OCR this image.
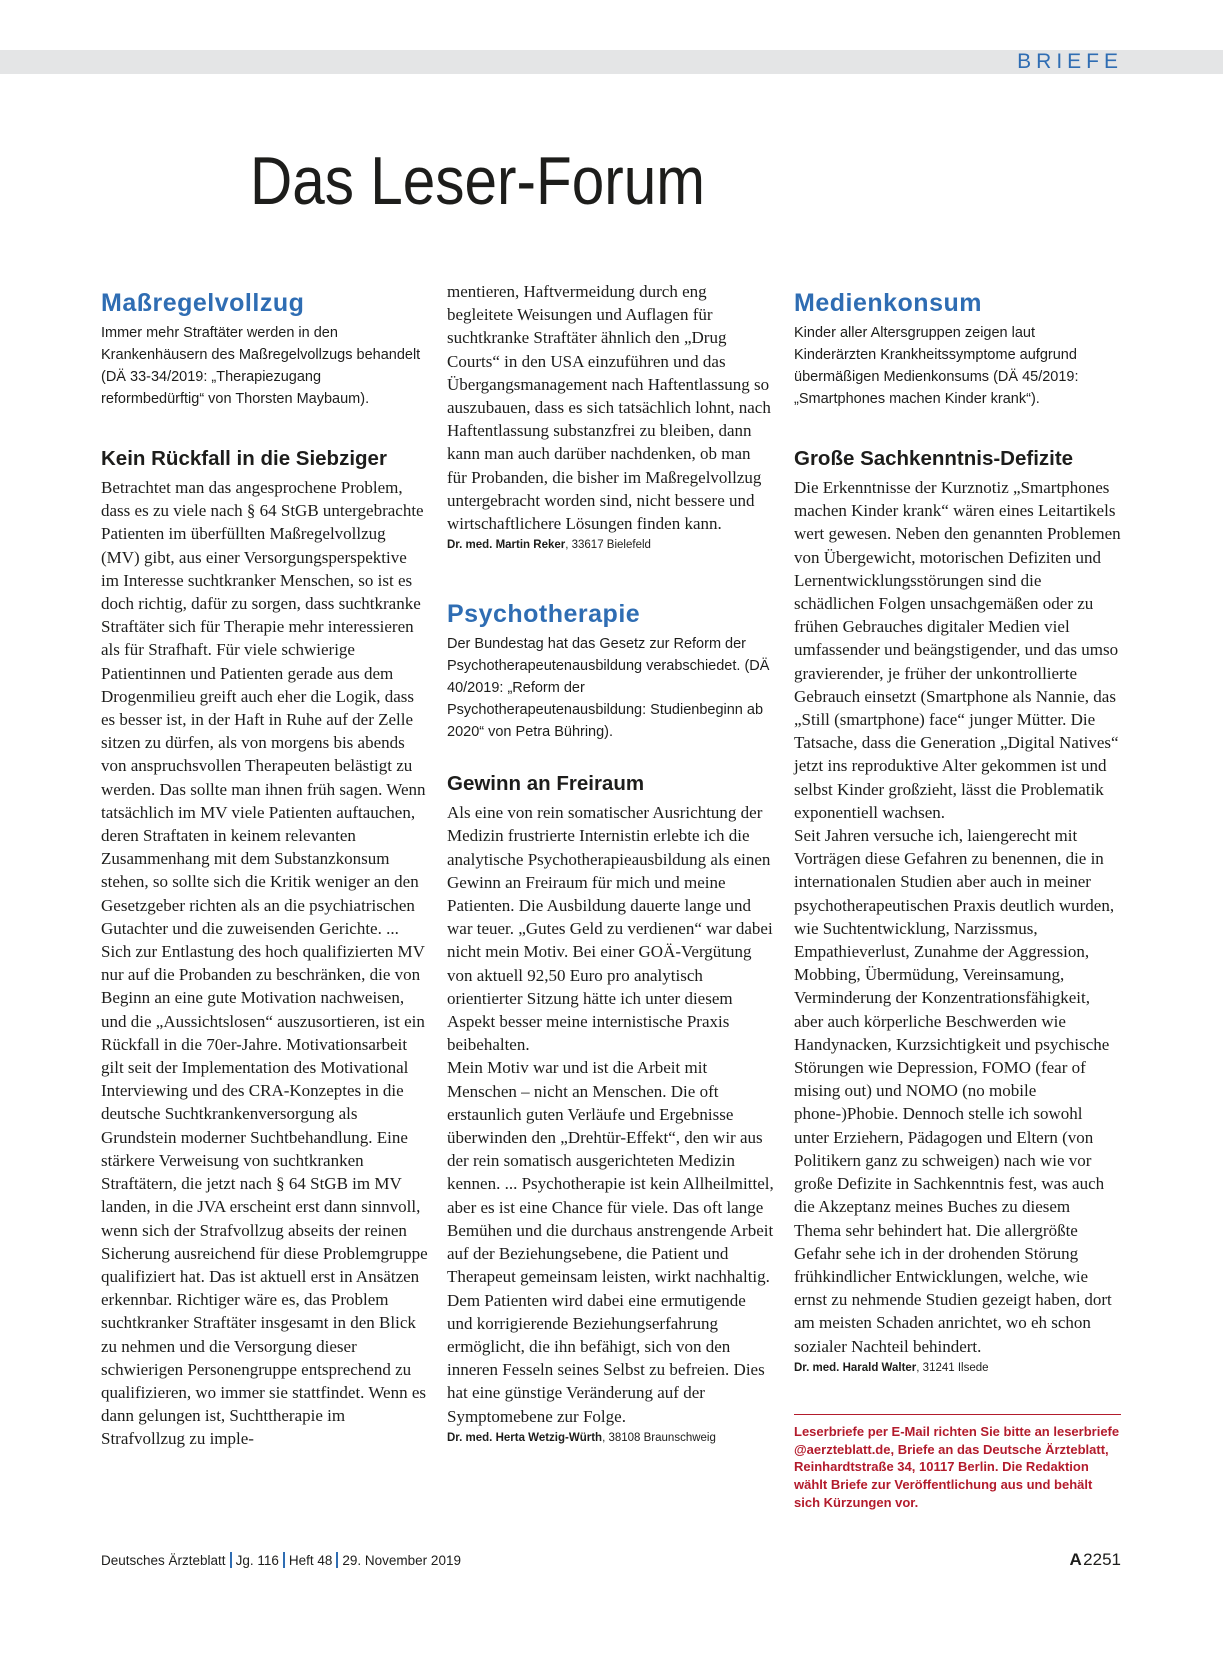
BRIEFE
Das Leser-Forum
Maßregelvollzug

Immer mehr Straftäter werden in den Krankenhäusern des Maßregelvollzugs behandelt (DÄ 33-34/2019: „Therapiezugang reformbedürftig“ von Thorsten Maybaum).

Kein Rückfall in die Siebziger

Betrachtet man das angesprochene Problem, dass es zu viele nach § 64 StGB untergebrachte Patienten im überfüllten Maßregelvollzug (MV) gibt, aus einer Versorgungsperspektive im Interesse suchtkranker Menschen, so ist es doch richtig, dafür zu sorgen, dass suchtkranke Straftäter sich für Therapie mehr interessieren als für Strafhaft. Für viele schwierige Patientinnen und Patienten gerade aus dem Drogenmilieu greift auch eher die Logik, dass es besser ist, in der Haft in Ruhe auf der Zelle sitzen zu dürfen, als von morgens bis abends von anspruchsvollen Therapeuten belästigt zu werden. Das sollte man ihnen früh sagen. Wenn tatsächlich im MV viele Patienten auftauchen, deren Straftaten in keinem relevanten Zusammenhang mit dem Substanzkonsum stehen, so sollte sich die Kritik weniger an den Gesetzgeber richten als an die psychiatrischen Gutachter und die zuweisenden Gerichte. ... Sich zur Entlastung des hoch qualifizierten MV nur auf die Probanden zu beschränken, die von Beginn an eine gute Motivation nachweisen, und die „Aussichtslosen“ auszusortieren, ist ein Rückfall in die 70er-Jahre. Motivationsarbeit gilt seit der Implementation des Motivational Interviewing und des CRA-Konzeptes in die deutsche Suchtkrankenversorgung als Grundstein moderner Suchtbehandlung. Eine stärkere Verweisung von suchtkranken Straftätern, die jetzt nach § 64 StGB im MV landen, in die JVA erscheint erst dann sinnvoll, wenn sich der Strafvollzug abseits der reinen Sicherung ausreichend für diese Problemgruppe qualifiziert hat. Das ist aktuell erst in Ansätzen erkennbar. Richtiger wäre es, das Problem suchtkranker Straftäter insgesamt in den Blick zu nehmen und die Versorgung dieser schwierigen Personengruppe entsprechend zu qualifizieren, wo immer sie stattfindet. Wenn es dann gelungen ist, Suchttherapie im Strafvollzug zu imple-

mentieren, Haftvermeidung durch eng begleitete Weisungen und Auflagen für suchtkranke Straftäter ähnlich den „Drug Courts“ in den USA einzuführen und das Übergangsmanagement nach Haftentlassung so auszubauen, dass es sich tatsächlich lohnt, nach Haftentlassung substanzfrei zu bleiben, dann kann man auch darüber nachdenken, ob man für Probanden, die bisher im Maßregelvollzug untergebracht worden sind, nicht bessere und wirtschaftlichere Lösungen finden kann.

Dr. med. Martin Reker, 33617 Bielefeld

Psychotherapie

Der Bundestag hat das Gesetz zur Reform der Psychotherapeutenausbildung verabschiedet. (DÄ 40/2019: „Reform der Psychotherapeutenausbildung: Studienbeginn ab 2020“ von Petra Bühring).

Gewinn an Freiraum

Als eine von rein somatischer Ausrichtung der Medizin frustrierte Internistin erlebte ich die analytische Psychotherapieausbildung als einen Gewinn an Freiraum für mich und meine Patienten. Die Ausbildung dauerte lange und war teuer. „Gutes Geld zu verdienen“ war dabei nicht mein Motiv. Bei einer GOÄ-Vergütung von aktuell 92,50 Euro pro analytisch orientierter Sitzung hätte ich unter diesem Aspekt besser meine internistische Praxis beibehalten.

Mein Motiv war und ist die Arbeit mit Menschen – nicht an Menschen. Die oft erstaunlich guten Verläufe und Ergebnisse überwinden den „Drehtür-Effekt“, den wir aus der rein somatisch ausgerichteten Medizin kennen. ... Psychotherapie ist kein Allheilmittel, aber es ist eine Chance für viele. Das oft lange Bemühen und die durchaus anstrengende Arbeit auf der Beziehungsebene, die Patient und Therapeut gemeinsam leisten, wirkt nachhaltig. Dem Patienten wird dabei eine ermutigende und korrigierende Beziehungserfahrung ermöglicht, die ihn befähigt, sich von den inneren Fesseln seines Selbst zu befreien. Dies hat eine günstige Veränderung auf der Symptomebene zur Folge.

Dr. med. Herta Wetzig-Würth, 38108 Braunschweig

Medienkonsum

Kinder aller Altersgruppen zeigen laut Kinderärzten Krankheitssymptome aufgrund übermäßigen Medienkonsums (DÄ 45/2019: „Smartphones machen Kinder krank“).

Große Sachkenntnis-Defizite

Die Erkenntnisse der Kurznotiz „Smartphones machen Kinder krank“ wären eines Leitartikels wert gewesen. Neben den genannten Problemen von Übergewicht, motorischen Defiziten und Lernentwicklungsstörungen sind die schädlichen Folgen unsachgemäßen oder zu frühen Gebrauches digitaler Medien viel umfassender und beängstigender, und das umso gravierender, je früher der unkontrollierte Gebrauch einsetzt (Smartphone als Nannie, das „Still (smartphone) face“ junger Mütter. Die Tatsache, dass die Generation „Digital Natives“ jetzt ins reproduktive Alter gekommen ist und selbst Kinder großzieht, lässt die Problematik exponentiell wachsen.

Seit Jahren versuche ich, laiengerecht mit Vorträgen diese Gefahren zu benennen, die in internationalen Studien aber auch in meiner psychotherapeutischen Praxis deutlich wurden, wie Suchtentwicklung, Narzissmus, Empathieverlust, Zunahme der Aggression, Mobbing, Übermüdung, Vereinsamung, Verminderung der Konzentrationsfähigkeit, aber auch körperliche Beschwerden wie Handynacken, Kurzsichtigkeit und psychische Störungen wie Depression, FOMO (fear of mising out) und NOMO (no mobile phone-)Phobie. Dennoch stelle ich sowohl unter Erziehern, Pädagogen und Eltern (von Politikern ganz zu schweigen) nach wie vor große Defizite in Sachkenntnis fest, was auch die Akzeptanz meines Buches zu diesem Thema sehr behindert hat. Die allergrößte Gefahr sehe ich in der drohenden Störung frühkindlicher Entwicklungen, welche, wie ernst zu nehmende Studien gezeigt haben, dort am meisten Schaden anrichtet, wo eh schon sozialer Nachteil behindert.

Dr. med. Harald Walter, 31241 Ilsede

Leserbriefe per E-Mail richten Sie bitte an leserbriefe @aerzteblatt.de, Briefe an das Deutsche Ärzteblatt, Reinhardtstraße 34, 10117 Berlin. Die Redaktion wählt Briefe zur Veröffentlichung aus und behält sich Kürzungen vor.
Deutsches Ärzteblatt Jg. 116 Heft 48 29. November 2019	A 2251
